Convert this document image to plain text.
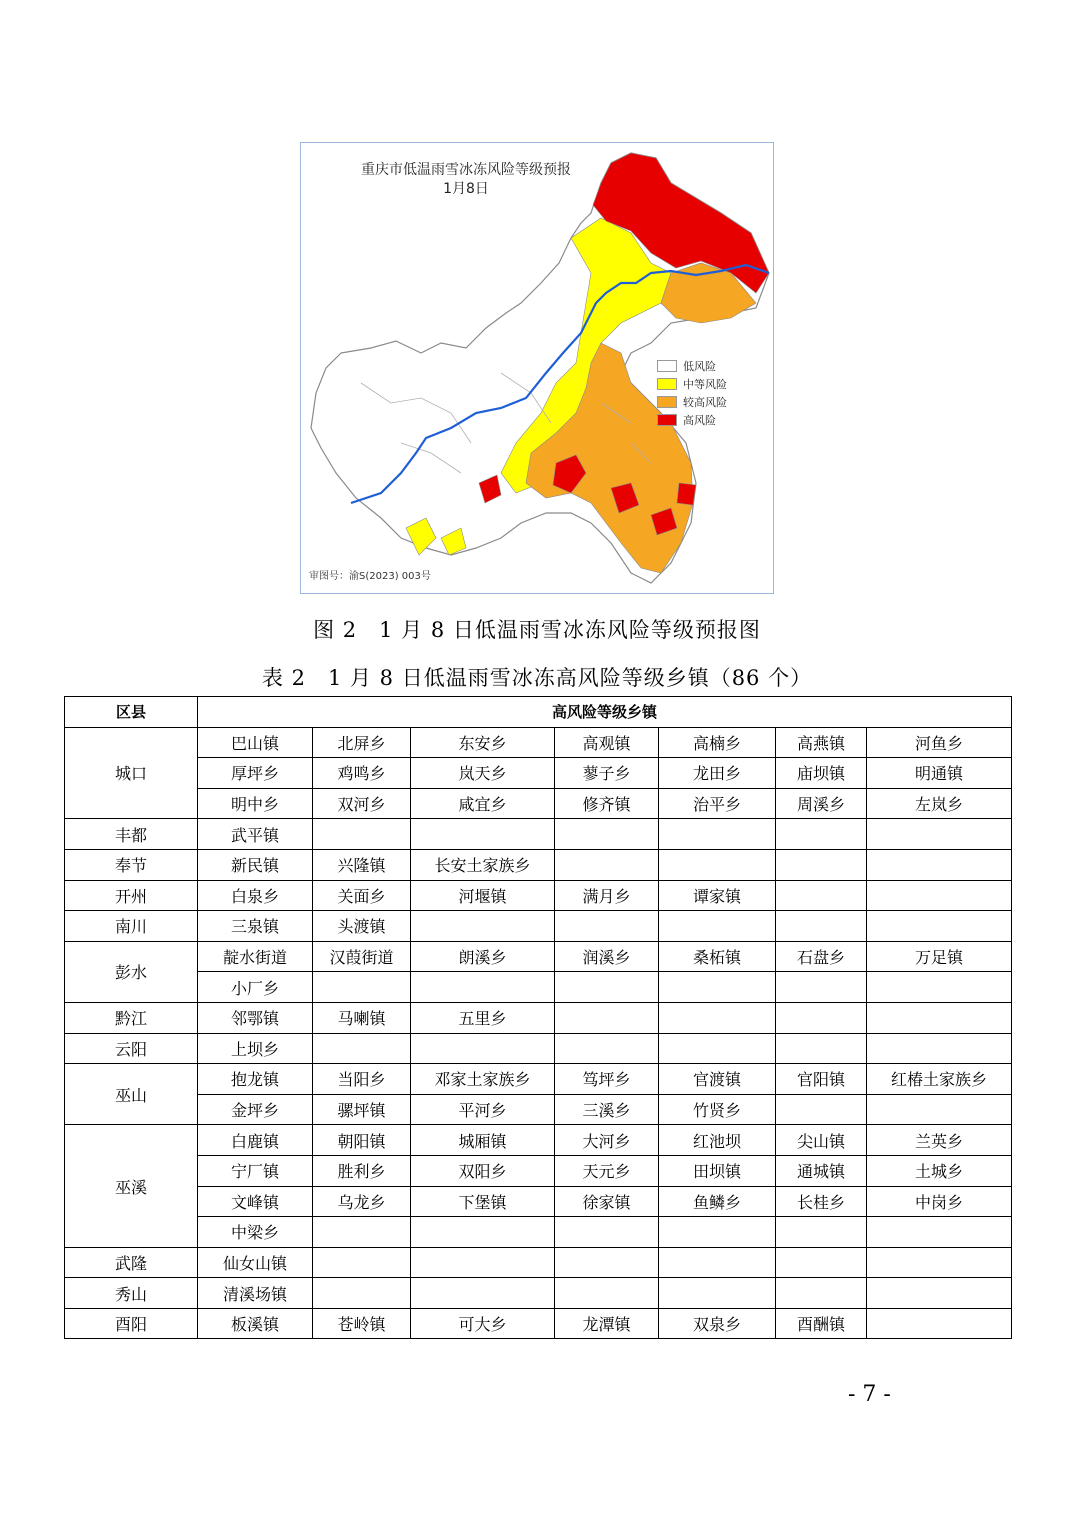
重庆市低温雨雪冰冻风险等级预报
1月8日
低风险
中等风险
较高风险
高风险
审图号：渝S(2023) 003号
图 2　1 月 8 日低温雨雪冰冻风险等级预报图
表 2　1 月 8 日低温雨雪冰冻高风险等级乡镇（86 个）
区县	高风险等级乡镇						
城口	巴山镇	北屏乡	东安乡	高观镇	高楠乡	高燕镇	河鱼乡
	厚坪乡	鸡鸣乡	岚天乡	蓼子乡	龙田乡	庙坝镇	明通镇
	明中乡	双河乡	咸宜乡	修齐镇	治平乡	周溪乡	左岚乡
丰都	武平镇						
奉节	新民镇	兴隆镇	长安土家族乡				
开州	白泉乡	关面乡	河堰镇	满月乡	谭家镇		
南川	三泉镇	头渡镇					
彭水	靛水街道	汉葭街道	朗溪乡	润溪乡	桑柘镇	石盘乡	万足镇
	小厂乡						
黔江	邻鄂镇	马喇镇	五里乡				
云阳	上坝乡						
巫山	抱龙镇	当阳乡	邓家土家族乡	笃坪乡	官渡镇	官阳镇	红椿土家族乡
	金坪乡	骡坪镇	平河乡	三溪乡	竹贤乡		
巫溪	白鹿镇	朝阳镇	城厢镇	大河乡	红池坝	尖山镇	兰英乡
	宁厂镇	胜利乡	双阳乡	天元乡	田坝镇	通城镇	土城乡
	文峰镇	乌龙乡	下堡镇	徐家镇	鱼鳞乡	长桂乡	中岗乡
	中梁乡						
武隆	仙女山镇						
秀山	清溪场镇						
酉阳	板溪镇	苍岭镇	可大乡	龙潭镇	双泉乡	酉酬镇	
- 7 -
